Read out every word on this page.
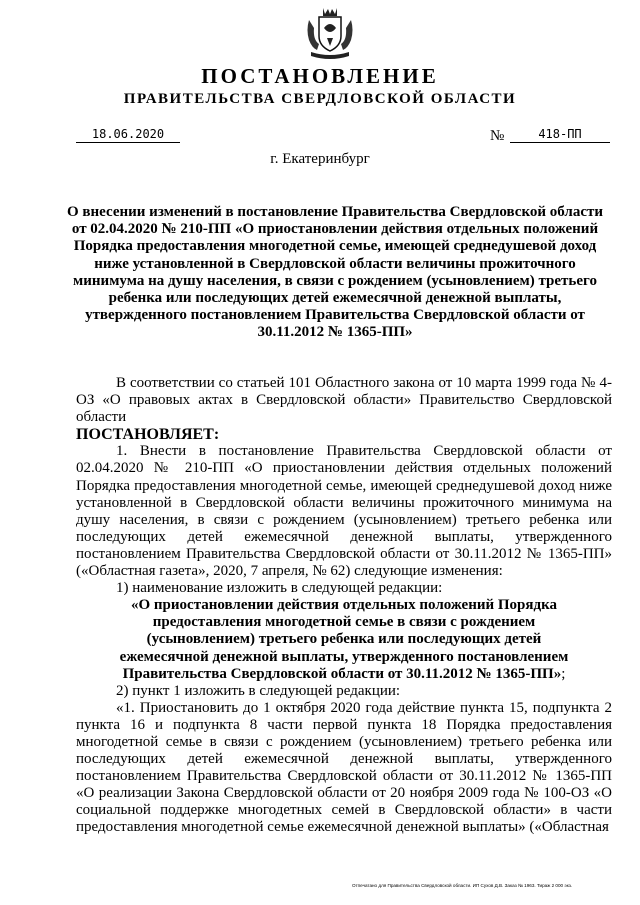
ПОСТАНОВЛЕНИЕ
ПРАВИТЕЛЬСТВА СВЕРДЛОВСКОЙ ОБЛАСТИ
18.06.2020	№	418-ПП
г. Екатеринбург
О внесении изменений в постановление Правительства Свердловской области от 02.04.2020 № 210-ПП «О приостановлении действия отдельных положений Порядка предоставления многодетной семье, имеющей среднедушевой доход ниже установленной в Свердловской области величины прожиточного минимума на душу населения, в связи с рождением (усыновлением) третьего ребенка или последующих детей ежемесячной денежной выплаты, утвержденного постановлением Правительства Свердловской области от 30.11.2012 № 1365-ПП»

В соответствии со статьей 101 Областного закона от 10 марта 1999 года № 4-ОЗ «О правовых актах в Свердловской области» Правительство Свердловской области

ПОСТАНОВЛЯЕТ:

1. Внести в постановление Правительства Свердловской области от 02.04.2020 № 210-ПП «О приостановлении действия отдельных положений Порядка предоставления многодетной семье, имеющей среднедушевой доход ниже установленной в Свердловской области величины прожиточного минимума на душу населения, в связи с рождением (усыновлением) третьего ребенка или последующих детей ежемесячной денежной выплаты, утвержденного постановлением Правительства Свердловской области от 30.11.2012 № 1365-ПП» («Областная газета», 2020, 7 апреля, № 62) следующие изменения:

1) наименование изложить в следующей редакции:

«О приостановлении действия отдельных положений Порядка предоставления многодетной семье в связи с рождением (усыновлением) третьего ребенка или последующих детей ежемесячной денежной выплаты, утвержденного постановлением Правительства Свердловской области от 30.11.2012 № 1365-ПП»;

2) пункт 1 изложить в следующей редакции:

«1. Приостановить до 1 октября 2020 года действие пункта 15, подпункта 2 пункта 16 и подпункта 8 части первой пункта 18 Порядка предоставления многодетной семье в связи с рождением (усыновлением) третьего ребенка или последующих детей ежемесячной денежной выплаты, утвержденного постановлением Правительства Свердловской области от 30.11.2012 № 1365-ПП «О реализации Закона Свердловской области от 20 ноября 2009 года № 100-ОЗ «О социальной поддержке многодетных семей в Свердловской области» в части предоставления многодетной семье ежемесячной денежной выплаты» («Областная

Отпечатано для Правительства Свердловской области. ИП Сухов Д.В. Заказ № 1963. Тираж 2 000 экз.
